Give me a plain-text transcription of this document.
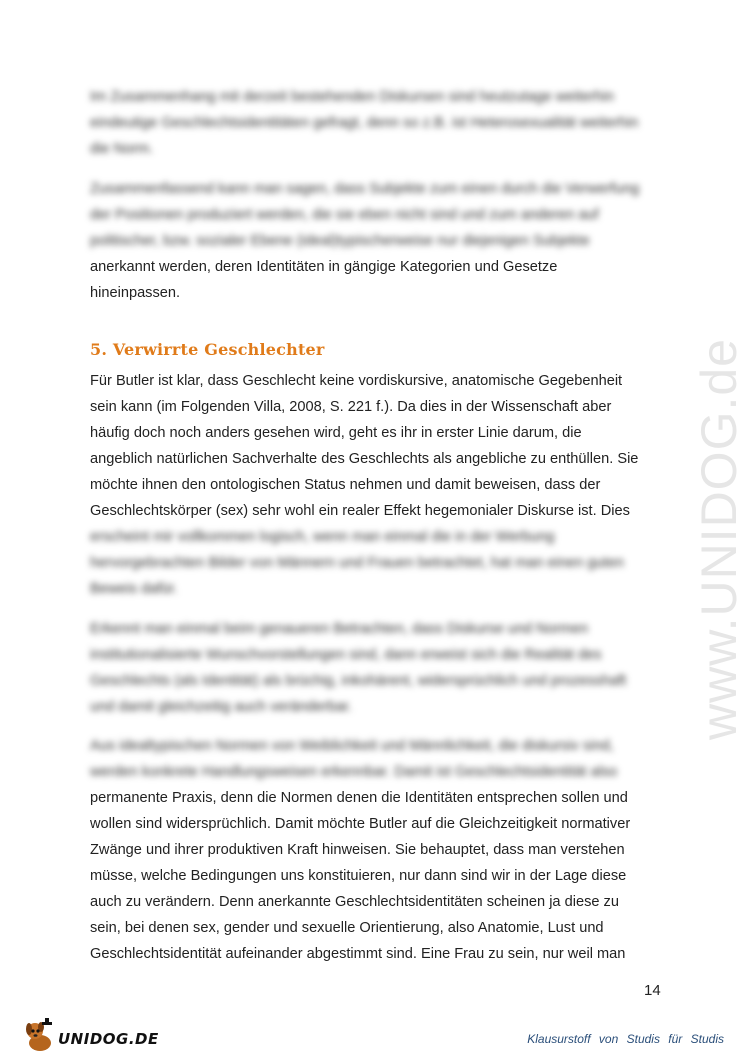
www.UNIDOG.de
Im Zusammenhang mit derzeit bestehenden Diskursen sind heutzutage weiterhin
eindeutige Geschlechtsidentitäten gefragt, denn so z.B. ist Heterosexualität weiterhin
die Norm.
Zusammenfassend kann man sagen, dass Subjekte zum einen durch die Verwerfung
der Positionen produziert werden, die sie eben nicht sind und zum anderen auf
politischer, bzw. sozialer Ebene (ideal)typischerweise nur diejenigen Subjekte
anerkannt werden, deren Identitäten in gängige Kategorien und Gesetze
hineinpassen.
5. Verwirrte Geschlechter
Für Butler ist klar, dass Geschlecht keine vordiskursive, anatomische Gegebenheit
sein kann (im Folgenden Villa, 2008, S. 221 f.). Da dies in der Wissenschaft aber
häufig doch noch anders gesehen wird, geht es ihr in erster Linie darum, die
angeblich natürlichen Sachverhalte des Geschlechts als angebliche zu enthüllen. Sie
möchte ihnen den ontologischen Status nehmen und damit beweisen, dass der
Geschlechtskörper (sex) sehr wohl ein realer Effekt hegemonialer Diskurse ist. Dies
erscheint mir vollkommen logisch, wenn man einmal die in der Werbung
hervorgebrachten Bilder von Männern und Frauen betrachtet, hat man einen guten
Beweis dafür.
Erkennt man einmal beim genaueren Betrachten, dass Diskurse und Normen
institutionalisierte Wunschvorstellungen sind, dann erweist sich die Realität des
Geschlechts (als Identität) als brüchig, inkohärent, widersprüchlich und prozesshaft
und damit gleichzeitig auch veränderbar.
Aus idealtypischen Normen von Weiblichkeit und Männlichkeit, die diskursiv sind,
werden konkrete Handlungsweisen erkennbar. Damit ist Geschlechtsidentität also
permanente Praxis, denn die Normen denen die Identitäten entsprechen sollen und
wollen sind widersprüchlich. Damit möchte Butler auf die Gleichzeitigkeit normativer
Zwänge und ihrer produktiven Kraft hinweisen. Sie behauptet, dass man verstehen
müsse, welche Bedingungen uns konstituieren, nur dann sind wir in der Lage diese
auch zu verändern. Denn anerkannte Geschlechtsidentitäten scheinen ja diese zu
sein, bei denen sex, gender und sexuelle Orientierung, also Anatomie, Lust und
Geschlechtsidentität aufeinander abgestimmt sind. Eine Frau zu sein, nur weil man
14
UNIDOG.DE	Klausurstoff von Studis für Studis
